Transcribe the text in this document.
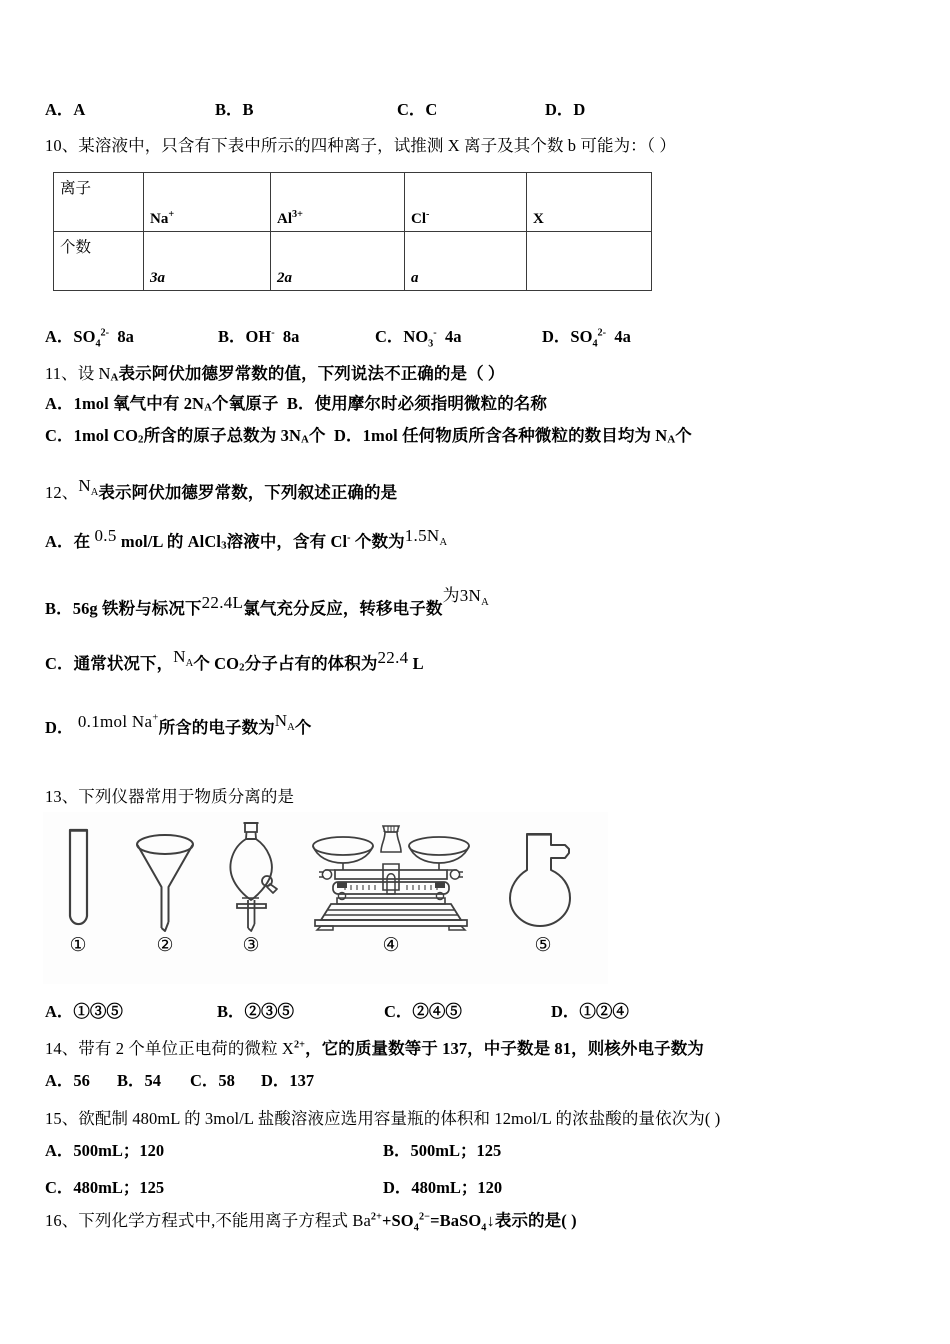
A．A	B．B	C．C	D．D
10、某溶液中，只含有下表中所示的四种离子，试推测 X 离子及其个数 b 可能为：（ ）
离子	Na+	$Al^{3+}$	Cl‑	X
个数	3a	2a	a	
A．$SO_4^{2-}$ 8a	B．OH- 8a	C．$NO_3^-$ 4a	D．$SO_4^{2-}$ 4a
11、设 $N_A$表示阿伏加德罗常数的值，下列说法不正确的是（ ）
A．1mol 氧气中有 $2N_A$个氧原子 B．使用摩尔时必须指明微粒的名称
C．1mol $CO_2$所含的原子总数为 $3N_A$个 D．1mol 任何物质所含各种微粒的数目均为 $N_A$个
12、$N_A$表示阿伏加德罗常数，下列叙述正确的是
A．在 0.5 mol/L 的 AlCl$_3$溶液中，含有 Cl- 个数为$1.5N_A$
B．56g 铁粉与标况下22.4L氯气充分反应，转移电子数为$3N_A$
C．通常状况下，$N_A$个 $CO_2$分子占有的体积为22.4 L
D． 0.1mol Na+所含的电子数为$N_A$个
13、下列仪器常用于物质分离的是
①	②	③	④	⑤
A．①③⑤	B．②③⑤	C．②④⑤	D．①②④
14、带有 2 个单位正电荷的微粒 $X^{2+}$，它的质量数等于 137，中子数是 81，则核外电子数为
A．56 B．54 C．58 D．137
15、欲配制 480mL 的 3mol/L 盐酸溶液应选用容量瓶的体积和 12mol/L 的浓盐酸的量依次为( )
A．500mL；120	B．500mL；125
C．480mL；125	D．480mL；120
16、下列化学方程式中,不能用离子方程式 $Ba^{2+}+SO_4^{2-}=BaSO_4↓$表示的是( )
